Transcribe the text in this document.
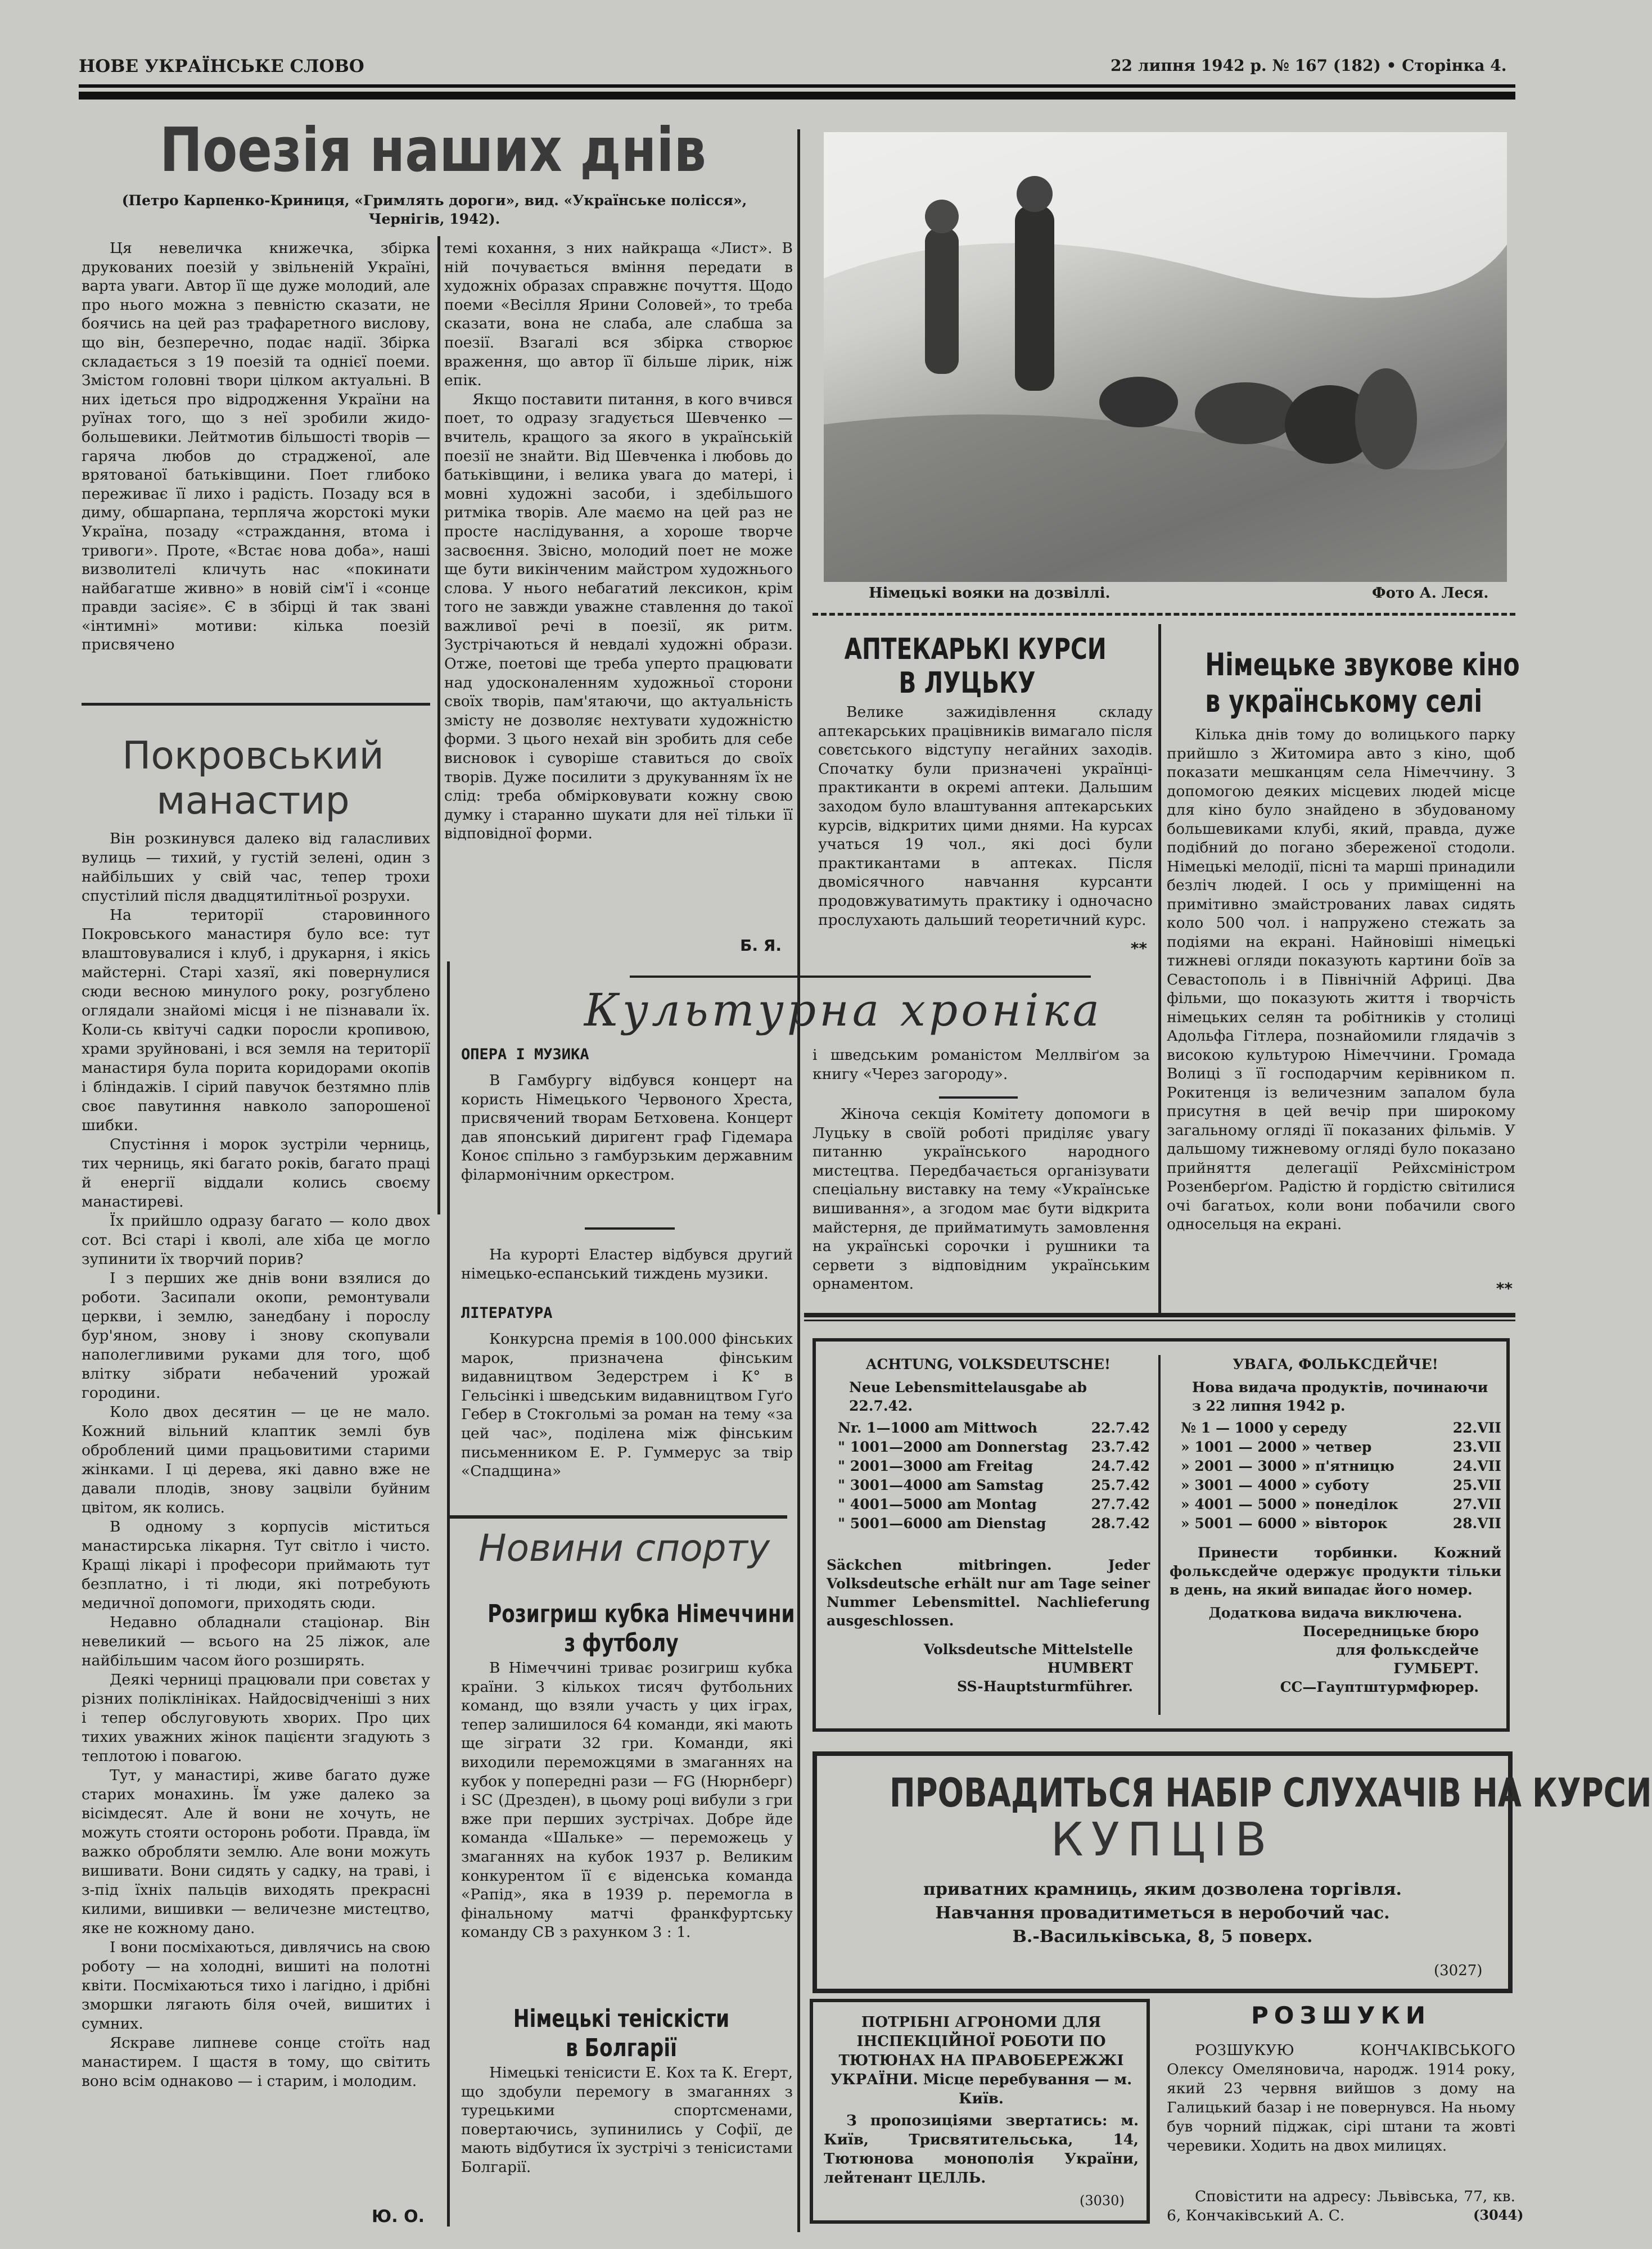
НОВЕ УКРАЇНСЬКЕ СЛОВО	22 липня 1942 р. № 167 (182) • Сторінка 4.
Поезія наших днів
(Петро Карпенко-Криниця, «Гримлять дороги», вид. «Українське полісся», Чернігів, 1942).

Ця невеличка книжечка, збірка друкованих поезій у звільненій Україні, варта уваги. Автор її ще дуже молодий, але про нього можна з певністю сказати, не боячись на цей раз трафаретного вислову, що він, безперечно, подає надії. Збірка складається з 19 поезій та однієї поеми. Змістом головні твори цілком актуальні. В них ідеться про відродження України на руїнах того, що з неї зробили жидо-большевики. Лейтмотив більшості творів — гаряча любов до страдженої, але врятованої батьківщини. Поет глибоко переживає її лихо і радість. Позаду вся в диму, обшарпана, терпляча жорстокі муки Україна, позаду «страждання, втома і тривоги». Проте, «Встає нова доба», наші визволителі кличуть нас «покинати найбагатше живно» в новій сім'ї і «сонце правди засіяє». Є в збірці й так звані «інтимні» мотиви: кілька поезій присвячено

темі кохання, з них найкраща «Лист». В ній почувається вміння передати в художніх образах справжнє почуття. Щодо поеми «Весілля Ярини Соловей», то треба сказати, вона не слаба, але слабша за поезії. Взагалі вся збірка створює враження, що автор її більше лірик, ніж епік.

Якщо поставити питання, в кого вчився поет, то одразу згадується Шевченко — вчитель, кращого за якого в українській поезії не знайти. Від Шевченка і любовь до батьківщини, і велика увага до матері, і мовні художні засоби, і здебільшого ритміка творів. Але маємо на цей раз не просте наслідування, а хороше творче засвоєння. Звісно, молодий поет не може ще бути викінченим майстром художнього слова. У нього небагатий лексикон, крім того не завжди уважне ставлення до такої важливої речі в поезії, як ритм. Зустрічаються й невдалі художні образи. Отже, поетові ще треба уперто працювати над удосконаленням художньої сторони своїх творів, пам'ятаючи, що актуальність змісту не дозволяє нехтувати художністю форми. З цього нехай він зробить для себе висновок і суворіше ставиться до своїх творів. Дуже посилити з друкуванням їх не слід: треба обмірковувати кожну свою думку і старанно шукати для неї тільки її відповідної форми.

Б. Я.
Покровський
манастир

Він розкинувся далеко від галасливих вулиць — тихий, у густій зелені, один з найбільших у свій час, тепер трохи спустілий після двадцятилітньої розрухи.

На території старовинного Покровського манастиря було все: тут влаштовувалися і клуб, і друкарня, і якісь майстерні. Старі хазяї, які повернулися сюди весною минулого року, розгублено оглядали знайомі місця і не пізнавали їх. Коли-сь квітучі садки поросли кропивою, храми зруйновані, і вся земля на території манастиря була порита коридорами окопів і бліндажів. І сірий павучок безтямно плів своє павутиння навколо запорошеної шибки.

Спустіння і морок зустріли черниць, тих черниць, які багато років, багато праці й енергії віддали колись своєму манастиреві.

Їх прийшло одразу багато — коло двох сот. Всі старі і кволі, але хіба це могло зупинити їх творчий порив?

І з перших же днів вони взялися до роботи. Засипали окопи, ремонтували церкви, і землю, занедбану і порослу бур'яном, знову і знову скопували наполегливими руками для того, щоб влітку зібрати небачений урожай городини.

Коло двох десятин — це не мало. Кожний вільний клаптик землі був оброблений цими працьовитими старими жінками. І ці дерева, які давно вже не давали плодів, знову зацвіли буйним цвітом, як колись.

В одному з корпусів міститься манастирська лікарня. Тут світло і чисто. Кращі лікарі і професори приймають тут безплатно, і ті люди, які потребують медичної допомоги, приходять сюди.

Недавно обладнали стаціонар. Він невеликий — всього на 25 ліжок, але найбільшим часом його розширять.

Деякі черниці працювали при совєтах у різних поліклініках. Найдосвідченіші з них і тепер обслуговують хворих. Про цих тихих уважних жінок пацієнти згадують з теплотою і повагою.

Тут, у манастирі, живе багато дуже старих монахинь. Їм уже далеко за вісімдесят. Але й вони не хочуть, не можуть стояти осторонь роботи. Правда, їм важко обробляти землю. Але вони можуть вишивати. Вони сидять у садку, на траві, і з-під їхніх пальців виходять прекрасні килими, вишивки — величезне мистецтво, яке не кожному дано.

І вони посміхаються, дивлячись на свою роботу — на холодні, вишиті на полотні квіти. Посміхаються тихо і лагідно, і дрібні зморшки лягають біля очей, вишитих і сумних.

Яскраве липневе сонце стоїть над манастирем. І щастя в тому, що світить воно всім однаково — і старим, і молодим.

Ю. О.
Німецькі вояки на дозвіллі.	Фото А. Леся.
АПТЕКАРЬКІ КУРСИ
В ЛУЦЬКУ

Велике зажидівлення складу аптекарських працівників вимагало після совєтського відступу негайних заходів. Спочатку були призначені українці-практиканти в окремі аптеки. Дальшим заходом було влаштування аптекарських курсів, відкритих цими днями. На курсах учаться 19 чол., які досі були практикантами в аптеках. Після двомісячного навчання курсанти продовжуватимуть практику і одночасно прослухають дальший теоретичний курс.

**
Німецьке звукове кіно
в українському селі

Кілька днів тому до волицького парку прийшло з Житомира авто з кіно, щоб показати мешканцям села Німеччину. З допомогою деяких місцевих людей місце для кіно було знайдено в збудованому большевиками клубі, який, правда, дуже подібний до погано збереженої стодоли. Німецькі мелодії, пісні та марші принадили безліч людей. І ось у приміщенні на примітивно змайстрованих лавах сидять коло 500 чол. і напружено стежать за подіями на екрані. Найновіші німецькі тижневі огляди показують картини боїв за Севастополь і в Північній Африці. Два фільми, що показують життя і творчість німецьких селян та робітників у столиці Адольфа Гітлера, познайомили глядачів з високою культурою Німеччини. Громада Волиці з її господарчим керівником п. Рокитенця із величезним запалом була присутня в цей вечір при широкому загальному огляді її показаних фільмів. У дальшому тижневому огляді було показано прийняття делегації Рейхсміністром Розенберґом. Радістю й гордістю світилися очі багатьох, коли вони побачили свого односельця на екрані.

**
Культурна хроніка
ОПЕРА І МУЗИКА

В Гамбургу відбувся концерт на користь Німецького Червоного Хреста, присвячений творам Бетховена. Концерт дав японський диригент граф Гідемара Коноє спільно з гамбурзьким державним філармонічним оркестром.

На курорті Еластер відбувся другий німецько-еспанський тиждень музики.

ЛІТЕРАТУРА

Конкурсна премія в 100.000 фінських марок, призначена фінським видавництвом Зедерстрем і К° в Гельсінкі і шведським видавництвом Гуґо Гебер в Стокгольмі за роман на тему «за цей час», поділена між фінським письменником Е. Р. Гуммерус за твір «Спадщина»

і шведським романістом Меллвіґом за книгу «Через загороду».

Жіноча секція Комітету допомоги в Луцьку в своїй роботі приділяє увагу питанню українського народного мистецтва. Передбачається організувати спеціальну виставку на тему «Українське вишивання», а згодом має бути відкрита майстерня, де прийматимуть замовлення на українські сорочки і рушники та сервети з відповідним українським орнаментом.

Новини спорту
Розигриш кубка Німеччини
з футболу

В Німеччині триває розигриш кубка країни. З кількох тисяч футбольних команд, що взяли участь у цих іграх, тепер залишилося 64 команди, які мають ще зіграти 32 гри. Команди, які виходили переможцями в змаганнях на кубок у попередні рази — FG (Нюрнберг) і SC (Дрезден), в цьому році вибули з гри вже при перших зустрічах. Добре йде команда «Шальке» — переможець у змаганнях на кубок 1937 р. Великим конкурентом її є віденська команда «Рапід», яка в 1939 р. перемогла в фінальному матчі франкфуртську команду СВ з рахунком 3 : 1.

Німецькі теніскісти
в Болгарії

Німецькі тенісисти Е. Кох та К. Егерт, що здобули перемогу в змаганнях з турецькими спортсменами, повертаючись, зупинились у Софії, де мають відбутися їх зустрічі з тенісистами Болгарії.

ACHTUNG, VOLKSDEUTSCHE!
Neue Lebensmittelausgabe ab 22.7.42.
Nr. 1—1000 am Mittwoch	22.7.42
" 1001—2000 am Donnerstag 23.7.42
" 2001—3000 am Freitag	24.7.42
" 3001—4000 am Samstag	25.7.42
" 4001—5000 am Montag	27.7.42
" 5001—6000 am Dienstag	28.7.42
Säckchen mitbringen. Jeder Volksdeutsche erhält nur am Tage seiner Nummer Lebensmittel. Nachlieferung ausgeschlossen.
Volksdeutsche Mittelstelle
HUMBERT
SS-Hauptsturmführer.
УВАГА, ФОЛЬКСДЕЙЧЕ!
Нова видача продуктів, починаючи з 22 липня 1942 р.
№ 1 — 1000 у середу	22.VII
» 1001 — 2000 » четвер	23.VII
» 2001 — 3000 » п'ятницю	24.VII
» 3001 — 4000 » суботу	25.VII
» 4001 — 5000 » понеділок	27.VII
» 5001 — 6000 » вівторок	28.VII
Принести торбинки. Кожний фольксдейче одержує продукти тільки в день, на який випадає його номер.
Додаткова видача виключена.
Посередницьке бюро
для фольксдейче
ГУМБЕРТ.
СС—Гауптштурмфюрер.
ПРОВАДИТЬСЯ НАБІР СЛУХАЧІВ НА КУРСИ
КУПЦІВ
приватних крамниць, яким дозволена торгівля.
Навчання провадитиметься в неробочий час.
В.-Васильківська, 8, 5 поверх.
(3027)
ПОТРІБНІ АГРОНОМИ ДЛЯ ІНСПЕКЦІЙНОЇ РОБОТИ ПО ТЮТЮНАХ НА ПРАВОБЕРЕЖЖІ УКРАЇНИ. Місце перебування — м. Київ.
З пропозиціями звертатись: м. Київ, Трисвятительська, 14, Тютюнова монополія України, лейтенант ЦЕЛЛЬ.
(3030)
РОЗШУКИ

РОЗШУКУЮ КОНЧАКІВСЬКОГО Олекcу Омеляновича, народж. 1914 року, який 23 червня вийшов з дому на Галицький базар і не повернувся. На ньому був чорний піджак, сірі штани та жовті черевики. Ходить на двох милицях.

Сповістити на адресу: Львівська, 77, кв. 6, Кончаківський А. С.	(3044)
